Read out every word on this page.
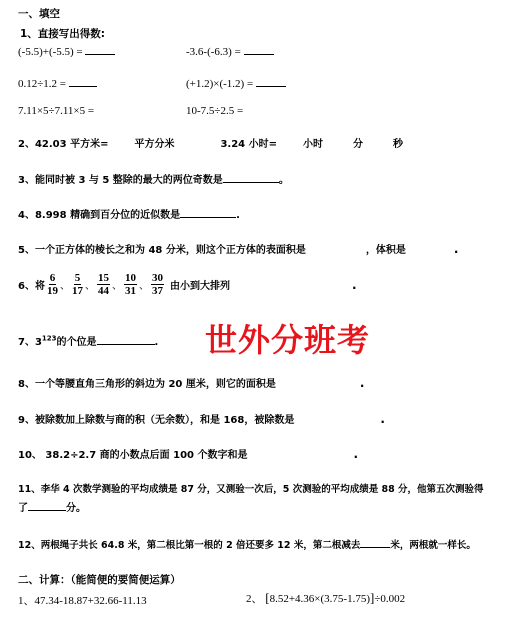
一、填空
1、直接写出得数:
(-5.5)+(-5.5) =	-3.6-(-6.3) =
0.12÷1.2 =	(+1.2)×(-1.2) =
7.11×5÷7.11×5 =	10-7.5÷2.5 =
2、42.03 平方米=	平方分米	3.24 小时=	小时	分	秒
3、能同时被 3 与 5 整除的最大的两位奇数是	。
4、8.998 精确到百分位的近似数是	.
5、一个正方体的棱长之和为 48 分米，则这个正方体的表面积是	，体积是	.
6、将 $\frac{6}{19}$ 、 $\frac{5}{17}$ 、 $\frac{15}{44}$ 、 $\frac{10}{31}$ 、 $\frac{30}{37}$ 由小到大排列	.
7、$3^{123}$的个位是	. 世外分班考
8、一个等腰直角三角形的斜边为 20 厘米，则它的面积是	.
9、被除数加上除数与商的积（无余数），和是 168，被除数是	.
10、 38.2÷2.7 商的小数点后面 100 个数字和是	.
11、李华 4 次数学测验的平均成绩是 87 分，又测验一次后，5 次测验的平均成绩是 88 分，他第五次测验得
了	分。
12、两根绳子共长 64.8 米，第二根比第一根的 2 倍还要多 12 米，第二根减去	米，两根就一样长。
二、计算：（能简便的要简便运算）
1、47.34-18.87+32.66-11.13	2、 [8.52+4.36×(3.75-1.75)]÷0.002
